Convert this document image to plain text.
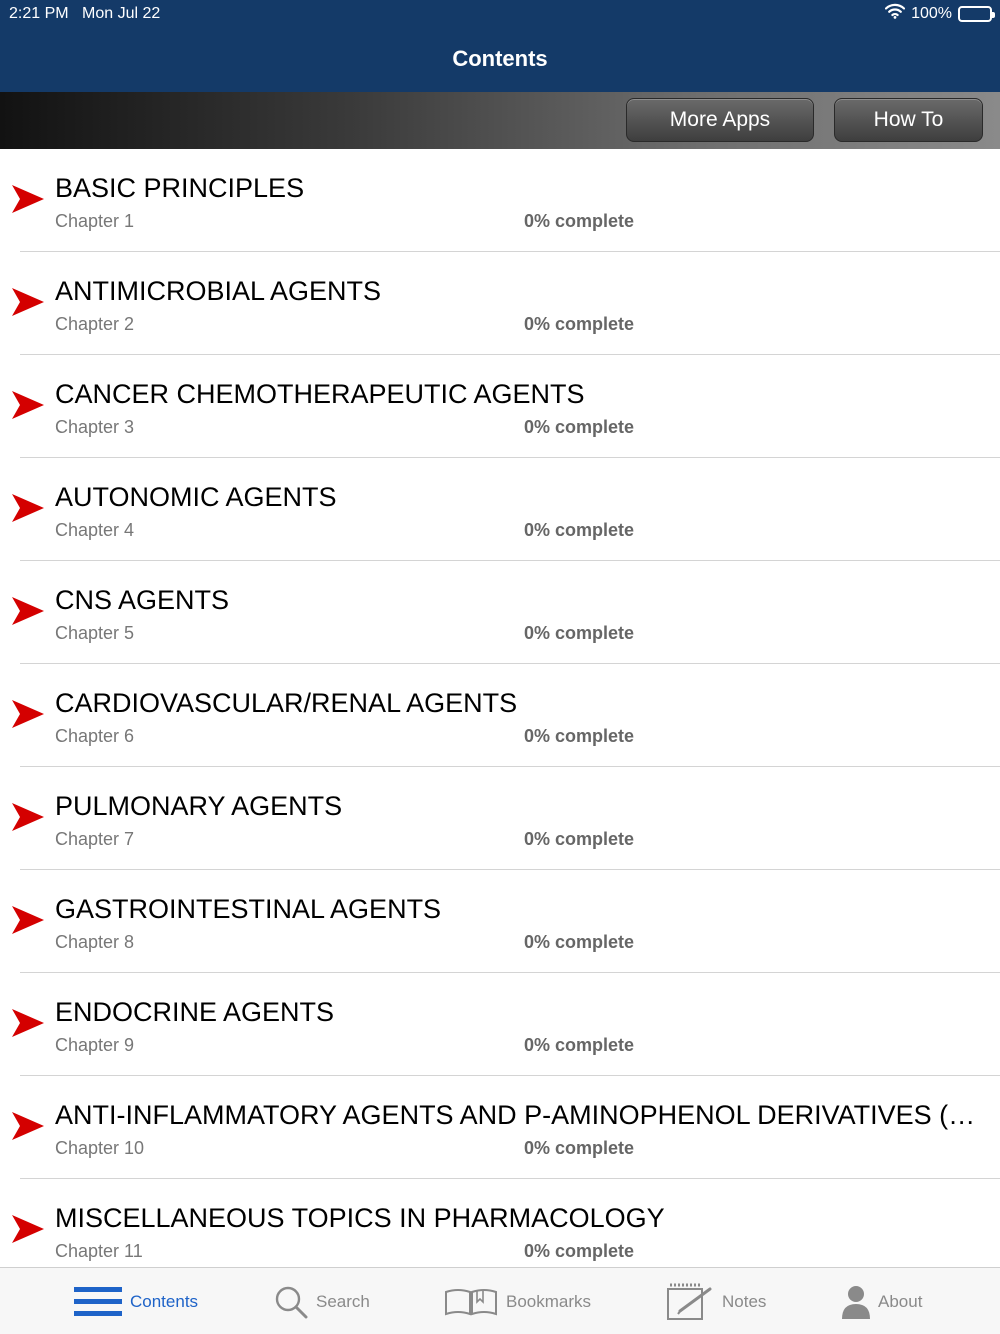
2:21 PM Mon Jul 22	100%
Contents
More Apps	How To
BASIC PRINCIPLES
Chapter 1	0% complete
ANTIMICROBIAL AGENTS
Chapter 2	0% complete
CANCER CHEMOTHERAPEUTIC AGENTS
Chapter 3	0% complete
AUTONOMIC AGENTS
Chapter 4	0% complete
CNS AGENTS
Chapter 5	0% complete
CARDIOVASCULAR/RENAL AGENTS
Chapter 6	0% complete
PULMONARY AGENTS
Chapter 7	0% complete
GASTROINTESTINAL AGENTS
Chapter 8	0% complete
ENDOCRINE AGENTS
Chapter 9	0% complete
ANTI-INFLAMMATORY AGENTS AND P-AMINOPHENOL DERIVATIVES (…
Chapter 10	0% complete
MISCELLANEOUS TOPICS IN PHARMACOLOGY
Chapter 11	0% complete
Contents	Search	Bookmarks	Notes	About
